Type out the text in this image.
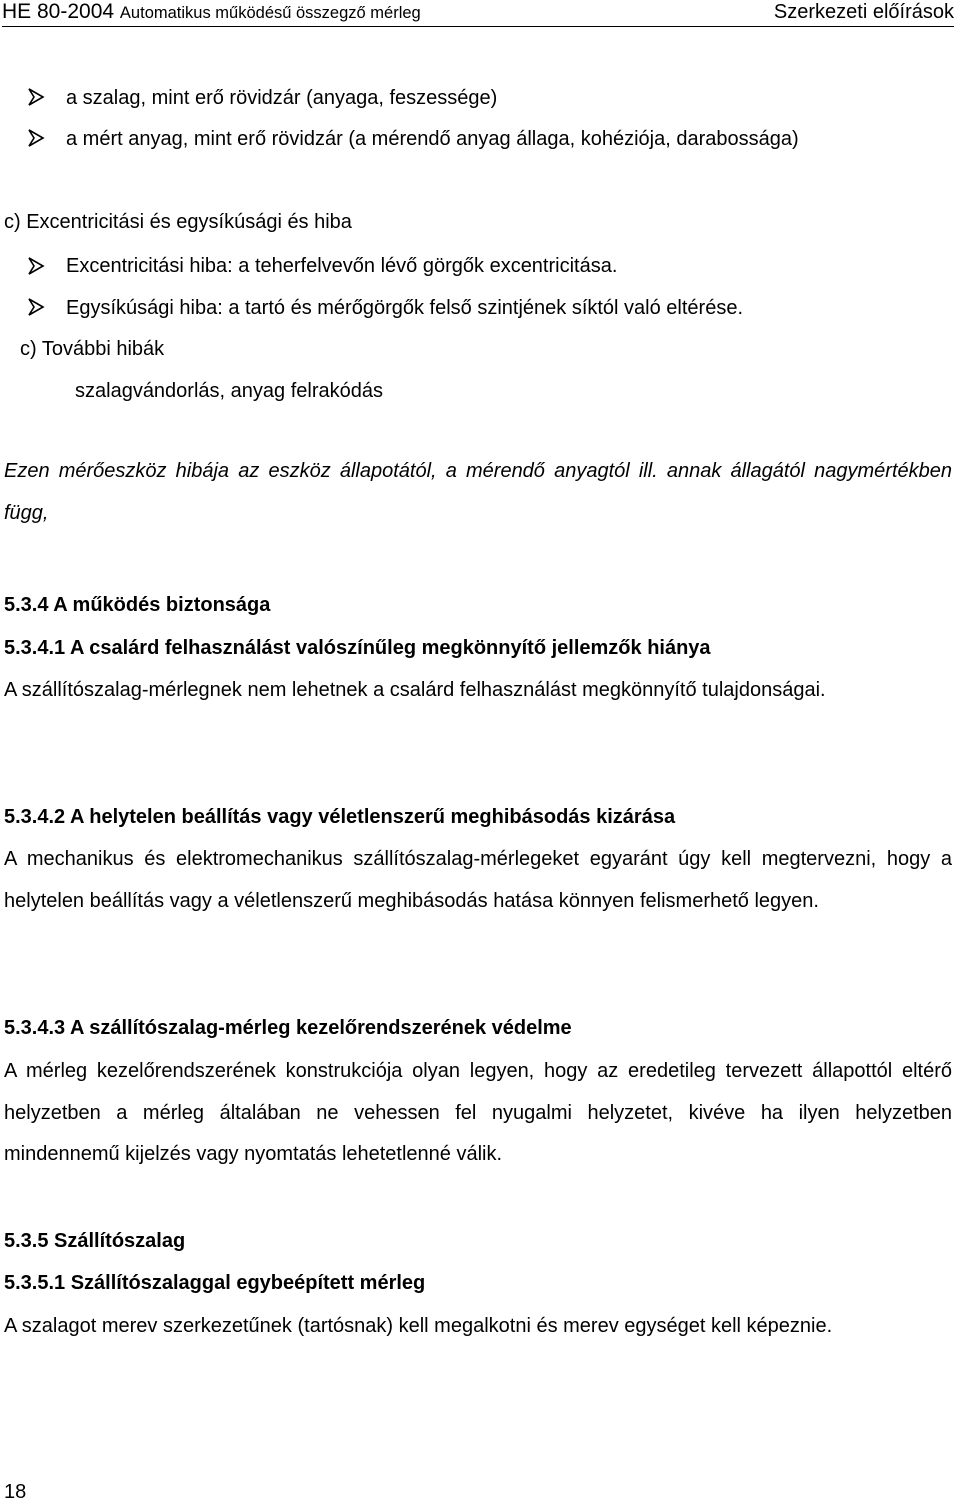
HE 80-2004 Automatikus működésű összegző mérleg	Szerkezeti előírások
a szalag, mint erő rövidzár (anyaga, feszessége)
a mért anyag, mint erő rövidzár (a mérendő anyag állaga, kohéziója, darabossága)
c) Excentricitási és egysíkúsági és hiba
Excentricitási hiba: a teherfelvevőn lévő görgők excentricitása.
Egysíkúsági hiba: a tartó és mérőgörgők felső szintjének síktól való eltérése.
c) További hibák
szalagvándorlás, anyag felrakódás
Ezen mérőeszköz hibája az eszköz állapotától, a mérendő anyagtól ill. annak állagától nagymértékben függ,
5.3.4 A működés biztonsága
5.3.4.1 A csalárd felhasználást valószínűleg megkönnyítő jellemzők hiánya
A szállítószalag-mérlegnek nem lehetnek a csalárd felhasználást megkönnyítő tulajdonságai.
5.3.4.2 A helytelen beállítás vagy véletlenszerű meghibásodás kizárása
A mechanikus és elektromechanikus szállítószalag-mérlegeket egyaránt úgy kell megtervezni, hogy a helytelen beállítás vagy a véletlenszerű meghibásodás hatása könnyen felismerhető legyen.
5.3.4.3 A szállítószalag-mérleg kezelőrendszerének védelme
A mérleg kezelőrendszerének konstrukciója olyan legyen, hogy az eredetileg tervezett állapottól eltérő helyzetben a mérleg általában ne vehessen fel nyugalmi helyzetet, kivéve ha ilyen helyzetben mindennemű kijelzés vagy nyomtatás lehetetlenné válik.
5.3.5 Szállítószalag
5.3.5.1 Szállítószalaggal egybeépített mérleg
A szalagot merev szerkezetűnek (tartósnak) kell megalkotni és merev egységet kell képeznie.
18
